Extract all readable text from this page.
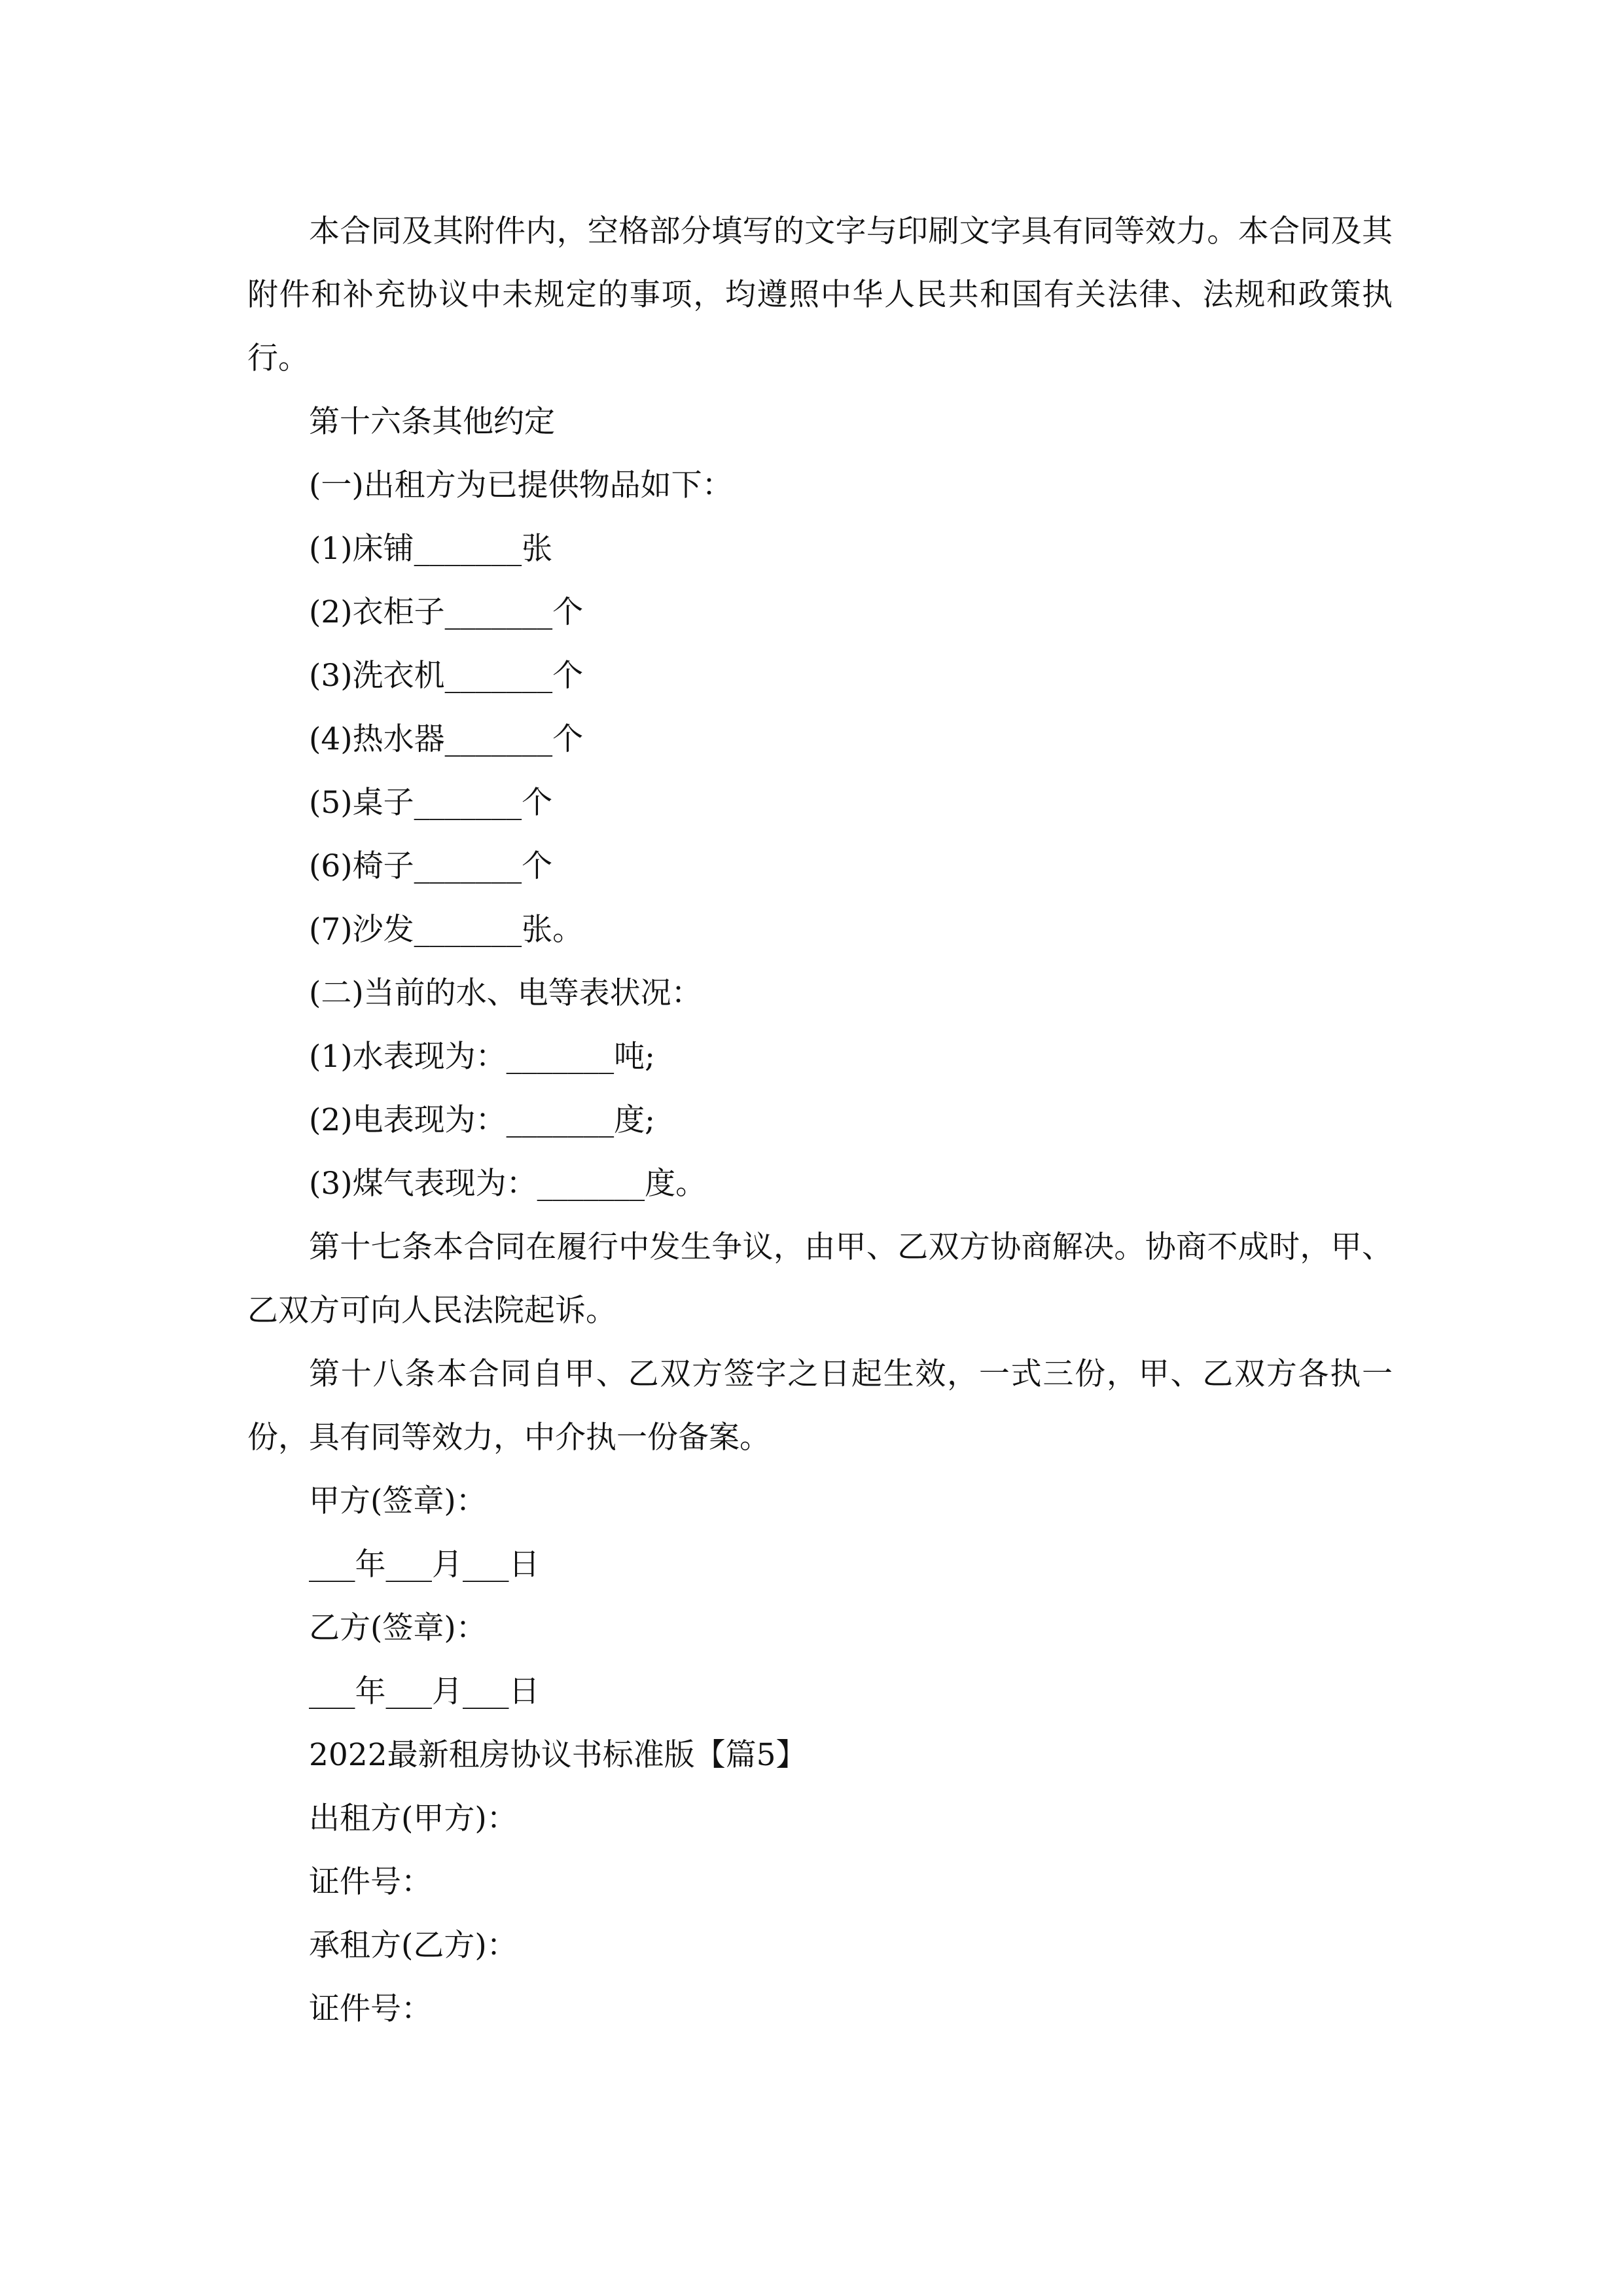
本合同及其附件内，空格部分填写的文字与印刷文字具有同等效力。本合同及其附件和补充协议中未规定的事项，均遵照中华人民共和国有关法律、法规和政策执行。

第十六条其他约定

(一)出租方为已提供物品如下：

(1)床铺_______张

(2)衣柜子_______个

(3)洗衣机_______个

(4)热水器_______个

(5)桌子_______个

(6)椅子_______个

(7)沙发_______张。

(二)当前的水、电等表状况：

(1)水表现为：_______吨;

(2)电表现为：_______度;

(3)煤气表现为：_______度。

第十七条本合同在履行中发生争议，由甲、乙双方协商解决。协商不成时，甲、乙双方可向人民法院起诉。

第十八条本合同自甲、乙双方签字之日起生效，一式三份，甲、乙双方各执一份，具有同等效力，中介执一份备案。

甲方(签章)：

___年___月___日

乙方(签章)：

___年___月___日

2022最新租房协议书标准版【篇5】

出租方(甲方)：

证件号：

承租方(乙方)：

证件号：
